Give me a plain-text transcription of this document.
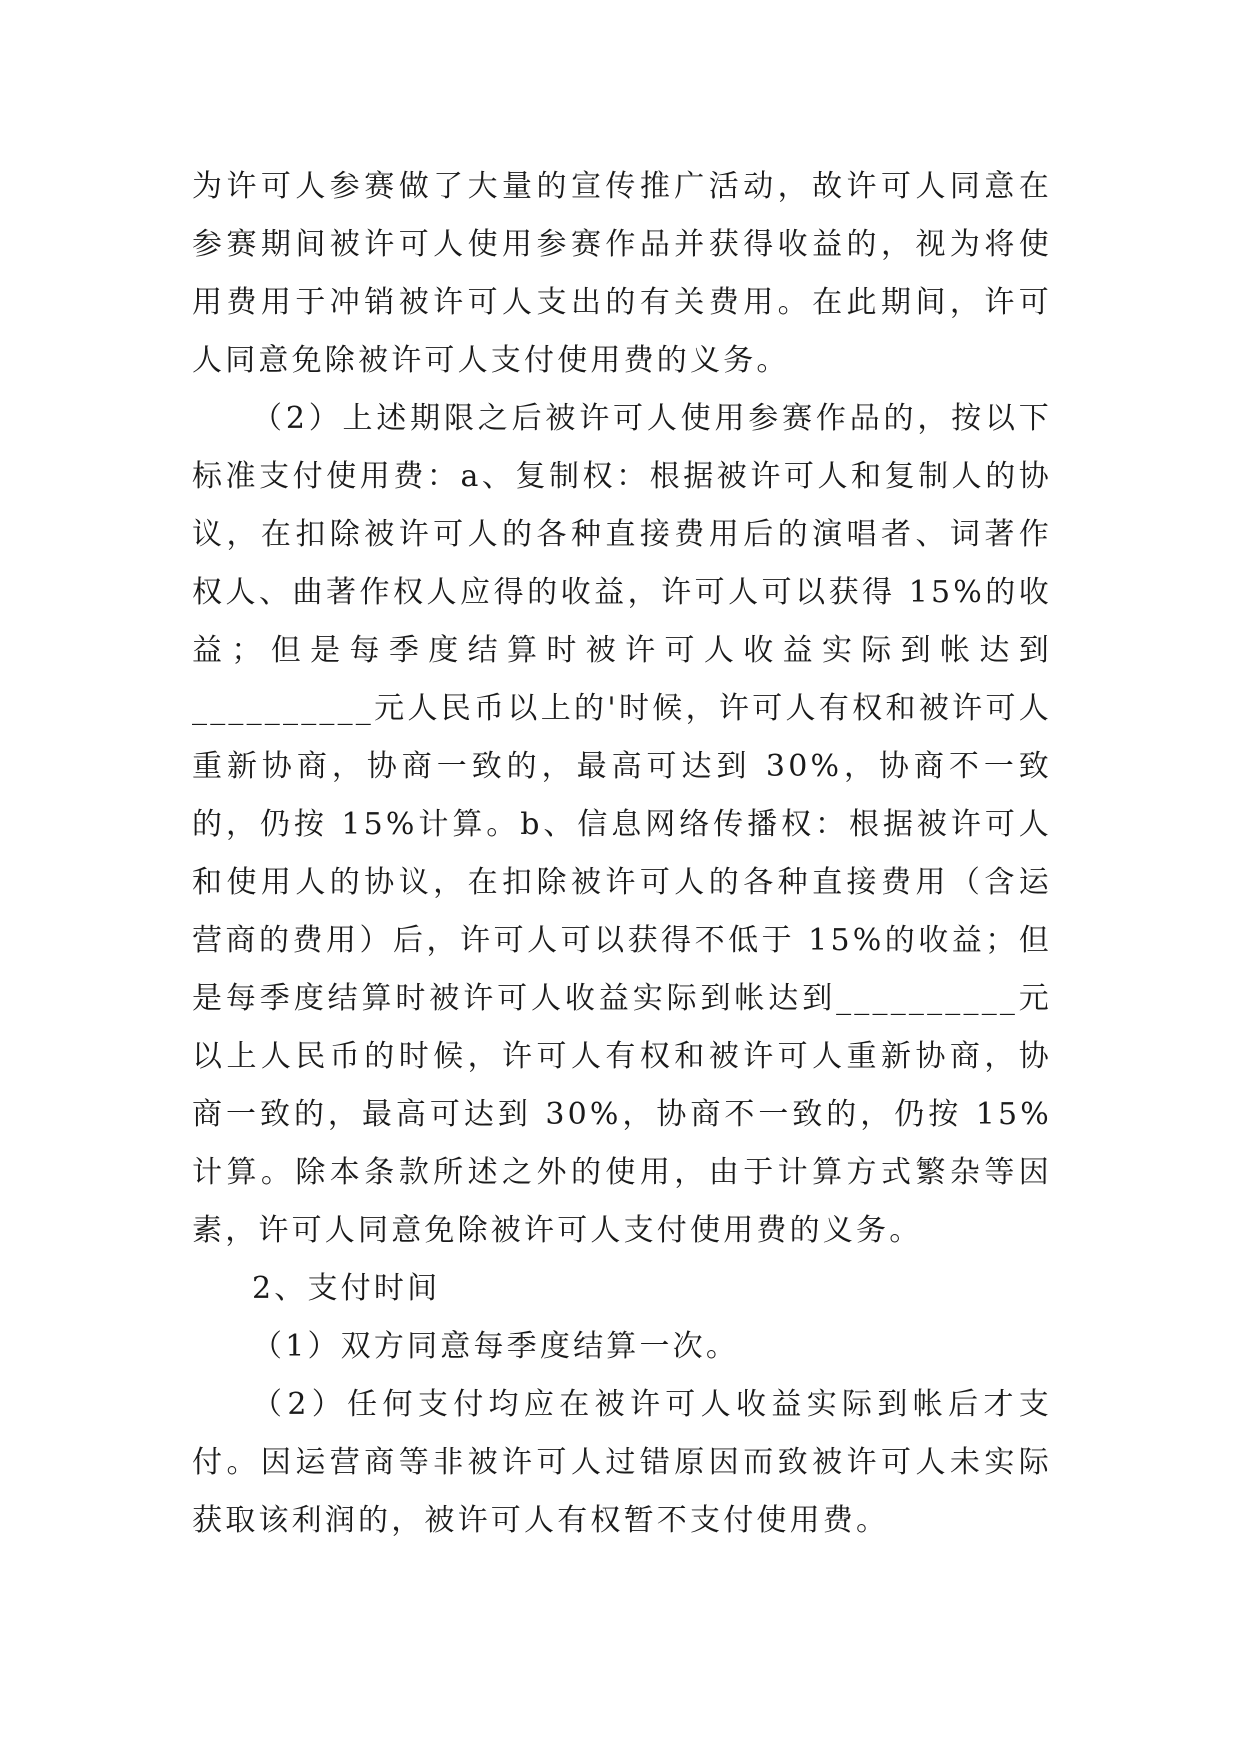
为许可人参赛做了大量的宣传推广活动，故许可人同意在参赛期间被许可人使用参赛作品并获得收益的，视为将使用费用于冲销被许可人支出的有关费用。在此期间，许可人同意免除被许可人支付使用费的义务。

（2）上述期限之后被许可人使用参赛作品的，按以下标准支付使用费：a、复制权：根据被许可人和复制人的协议，在扣除被许可人的各种直接费用后的演唱者、词著作权人、曲著作权人应得的收益，许可人可以获得 15%的收益；但是每季度结算时被许可人收益实际到帐达到__________元人民币以上的'时候，许可人有权和被许可人重新协商，协商一致的，最高可达到 30%，协商不一致的，仍按 15%计算。b、信息网络传播权：根据被许可人和使用人的协议，在扣除被许可人的各种直接费用（含运营商的费用）后，许可人可以获得不低于 15%的收益；但是每季度结算时被许可人收益实际到帐达到__________元以上人民币的时候，许可人有权和被许可人重新协商，协商一致的，最高可达到 30%，协商不一致的，仍按 15%计算。除本条款所述之外的使用，由于计算方式繁杂等因素，许可人同意免除被许可人支付使用费的义务。

2、支付时间

（1）双方同意每季度结算一次。

（2）任何支付均应在被许可人收益实际到帐后才支付。因运营商等非被许可人过错原因而致被许可人未实际获取该利润的，被许可人有权暂不支付使用费。
